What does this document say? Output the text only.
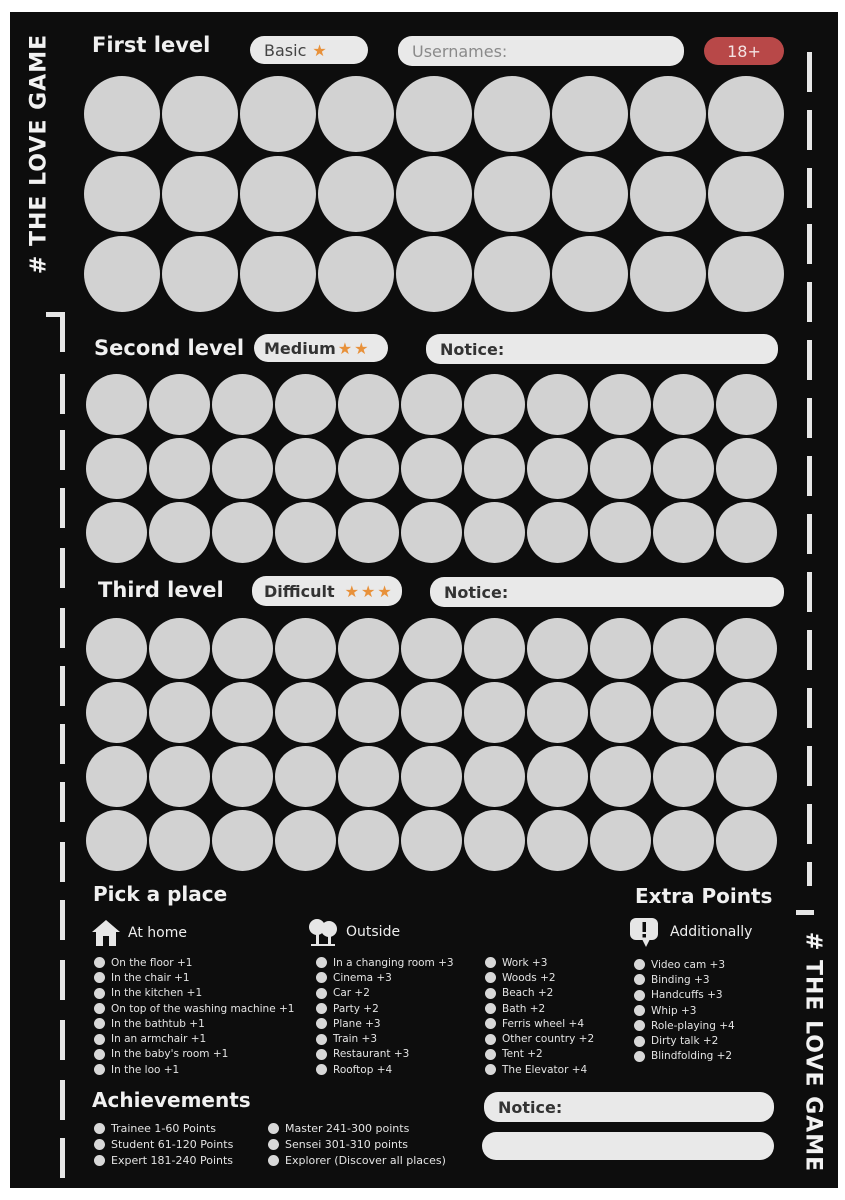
# THE LOVE GAME
# THE LOVE GAME
First level	Basic ★	Usernames:	18+
Second level Medium ★★	Notice:
Third level	Difficult ★★★	Notice:
Pick a place
At home
On the floor +1
In the chair +1
In the kitchen +1
On top of the washing machine +1
In the bathtub +1
In an armchair +1
In the baby's room +1
In the loo +1
Outside
In a changing room +3
Cinema +3
Car +2
Party +2
Plane +3
Train +3
Restaurant +3
Rooftop +4
Work +3
Woods +2
Beach +2
Bath +2
Ferris wheel +4
Other country +2
Tent +2
The Elevator +4
Extra Points
Additionally
Video cam +3
Binding +3
Handcuffs +3
Whip +3
Role-playing +4
Dirty talk +2
Blindfolding +2
Achievements
Trainee 1-60 Points
Student 61-120 Points
Expert 181-240 Points
Master 241-300 points
Sensei 301-310 points
Explorer (Discover all places)
Notice:
